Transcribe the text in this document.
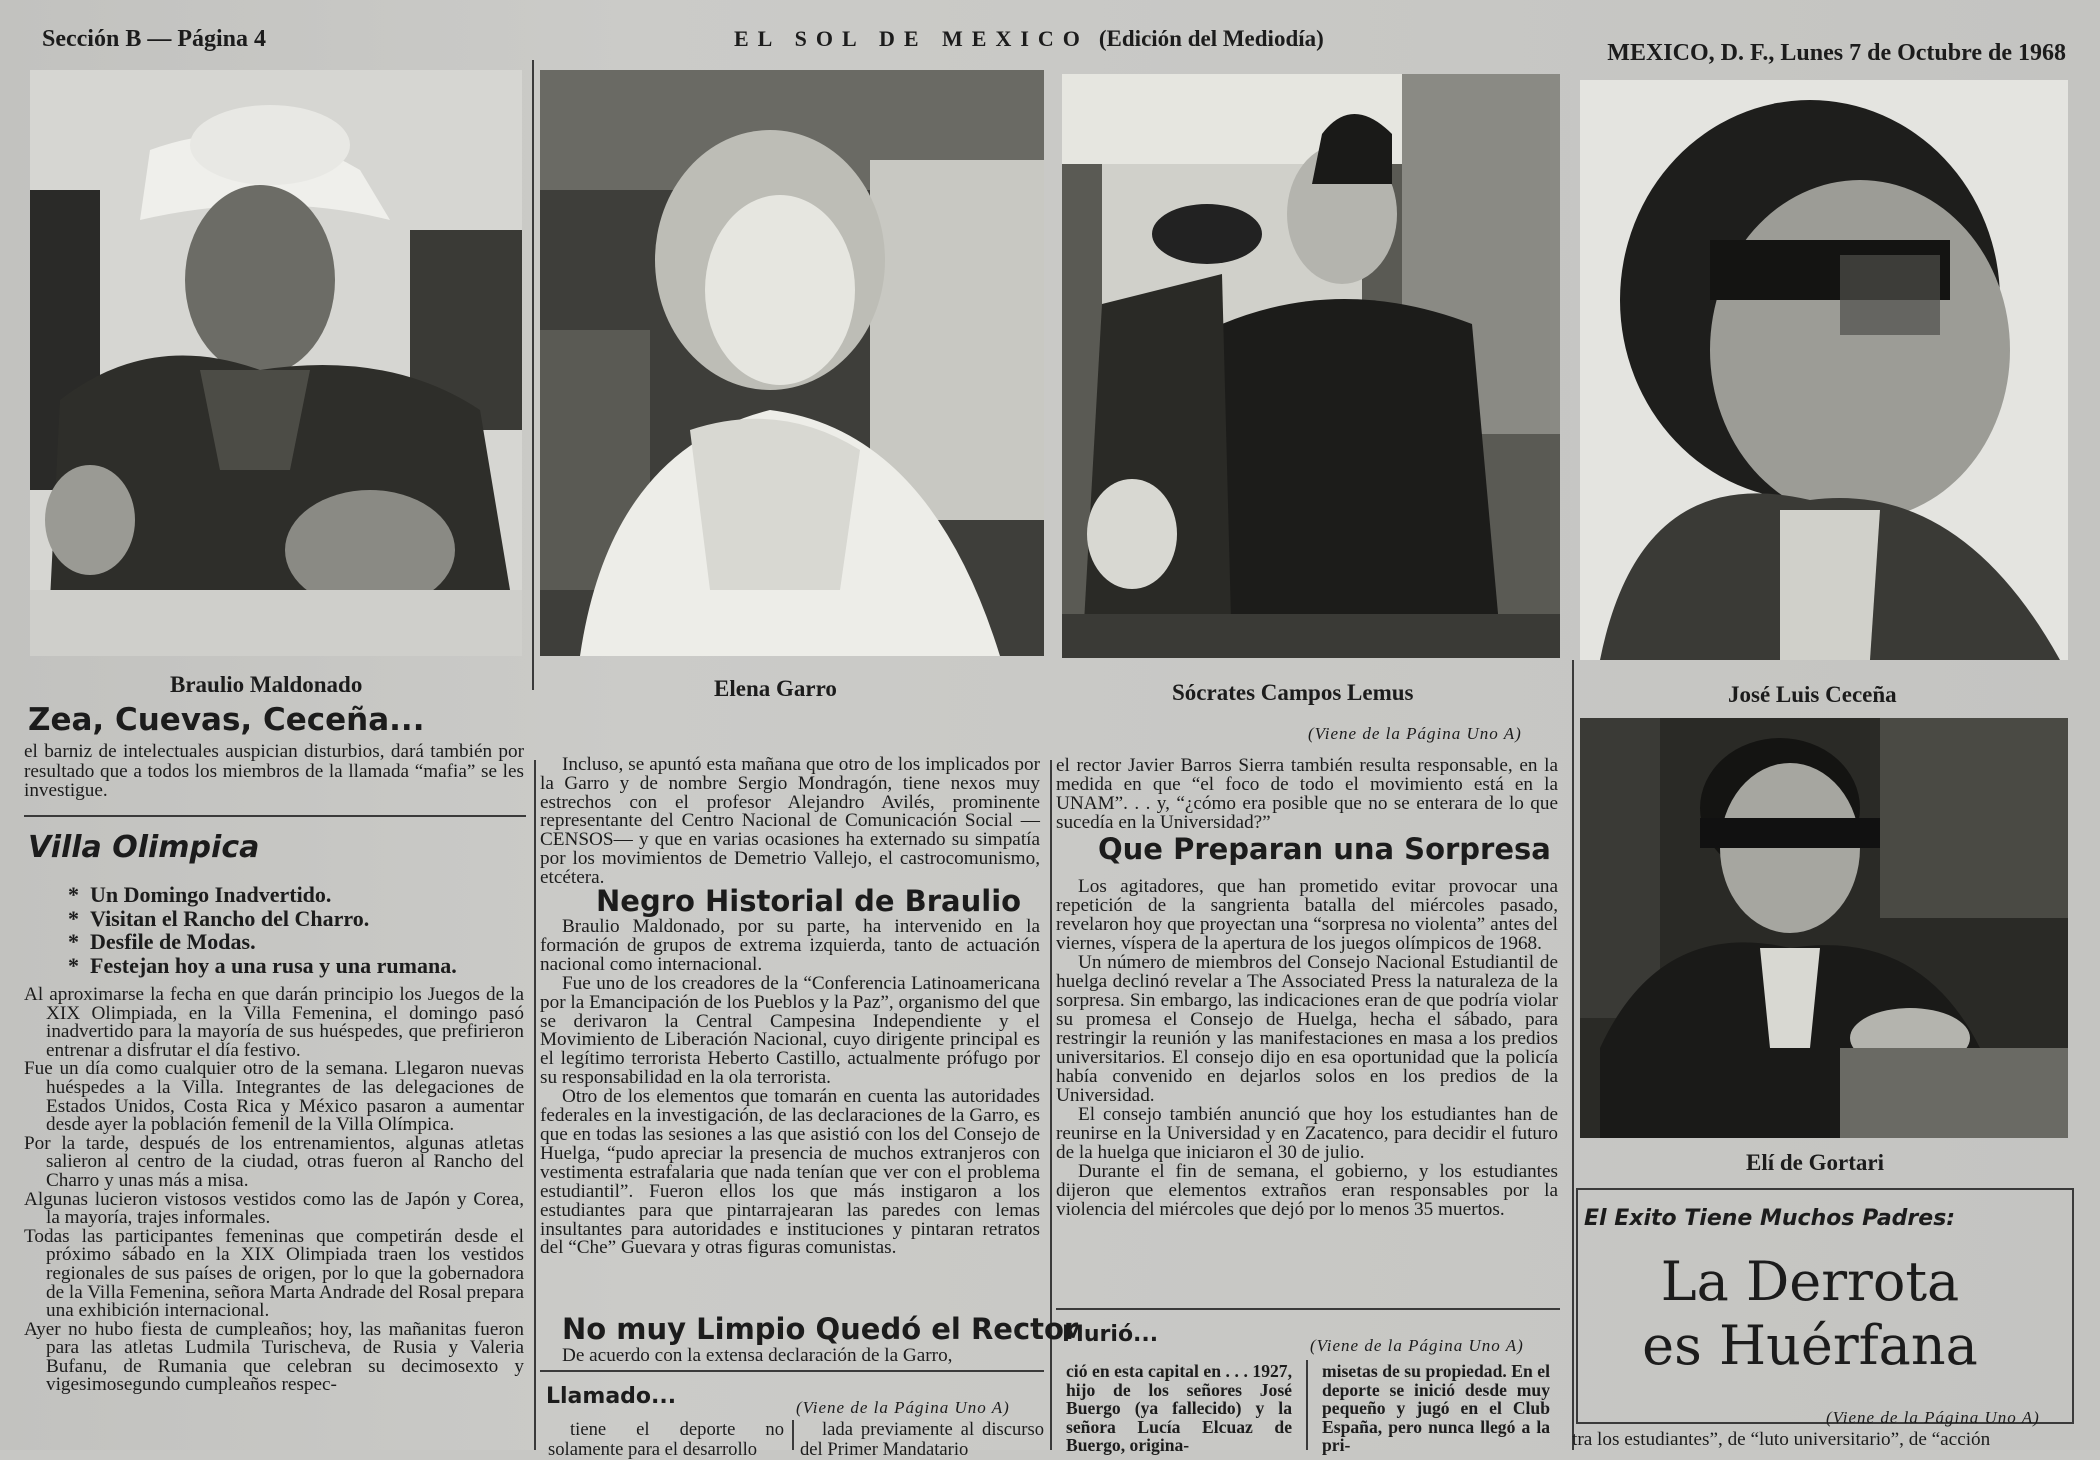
Sección B — Página 4	EL SOL DE MEXICO (Edición del Mediodía)
MEXICO, D. F., Lunes 7 de Octubre de 1968
Braulio Maldonado	Elena Garro	Sócrates Campos Lemus	José Luis Ceceña
Elí de Gortari
Zea, Cuevas, Ceceña...

el barniz de intelectuales auspician disturbios, dará también por resultado que a todos los miembros de la llamada “mafia” se les investigue.

Villa Olimpica
* Un Domingo Inadvertido.
* Visitan el Rancho del Charro.
* Desfile de Modas.
* Festejan hoy a una rusa y una rumana.

Al aproximarse la fecha en que darán principio los Juegos de la XIX Olimpiada, en la Villa Femenina, el domingo pasó inadvertido para la mayoría de sus huéspedes, que prefirieron entrenar a disfrutar el día festivo.

Fue un día como cualquier otro de la semana. Llegaron nuevas huéspedes a la Villa. Integrantes de las delegaciones de Estados Unidos, Costa Rica y México pasaron a aumentar desde ayer la población femenil de la Villa Olímpica.

Por la tarde, después de los entrenamientos, algunas atletas salieron al centro de la ciudad, otras fueron al Rancho del Charro y unas más a misa.

Algunas lucieron vistosos vestidos como las de Japón y Corea, la mayoría, trajes informales.

Todas las participantes femeninas que competirán desde el próximo sábado en la XIX Olimpiada traen los vestidos regionales de sus países de origen, por lo que la gobernadora de la Villa Femenina, señora Marta Andrade del Rosal prepara una exhibición internacional.

Ayer no hubo fiesta de cumpleaños; hoy, las mañanitas fueron para las atletas Ludmila Turischeva, de Rusia y Valeria Bufanu, de Rumania que celebran su decimosexto y vigesimosegundo cumpleaños respec-

Incluso, se apuntó esta mañana que otro de los implicados por la Garro y de nombre Sergio Mondragón, tiene nexos muy estrechos con el profesor Alejandro Avilés, prominente representante del Centro Nacional de Comunicación Social —CENSOS— y que en varias ocasiones ha externado su simpatía por los movimientos de Demetrio Vallejo, el castrocomunismo, etcétera.

Negro Historial de Braulio

Braulio Maldonado, por su parte, ha intervenido en la formación de grupos de extrema izquierda, tanto de actuación nacional como internacional.

Fue uno de los creadores de la “Conferencia Latinoamericana por la Emancipación de los Pueblos y la Paz”, organismo del que se derivaron la Central Campesina Independiente y el Movimiento de Liberación Nacional, cuyo dirigente principal es el legítimo terrorista Heberto Castillo, actualmente prófugo por su responsabilidad en la ola terrorista.

Otro de los elementos que tomarán en cuenta las autoridades federales en la investigación, de las declaraciones de la Garro, es que en todas las sesiones a las que asistió con los del Consejo de Huelga, “pudo apreciar la presencia de muchos extranjeros con vestimenta estrafalaria que nada tenían que ver con el problema estudiantil”. Fueron ellos los que más instigaron a los estudiantes para que pintarrajearan las paredes con lemas insultantes para autoridades e instituciones y pintaran retratos del “Che” Guevara y otras figuras comunistas.

No muy Limpio Quedó el Rector

De acuerdo con la extensa declaración de la Garro,

(Viene de la Página Uno A)

el rector Javier Barros Sierra también resulta responsable, en la medida en que “el foco de todo el movimiento está en la UNAM”. . . y, “¿cómo era posible que no se enterara de lo que sucedía en la Universidad?”

Que Preparan una Sorpresa

Los agitadores, que han prometido evitar provocar una repetición de la sangrienta batalla del miércoles pasado, revelaron hoy que proyectan una “sorpresa no violenta” antes del viernes, víspera de la apertura de los juegos olímpicos de 1968.

Un número de miembros del Consejo Nacional Estudiantil de huelga declinó revelar a The Associated Press la naturaleza de la sorpresa. Sin embargo, las indicaciones eran de que podría violar su promesa el Consejo de Huelga, hecha el sábado, para restringir la reunión y las manifestaciones en masa a los predios universitarios. El consejo dijo en esa oportunidad que la policía había convenido en dejarlos solos en los predios de la Universidad.

El consejo también anunció que hoy los estudiantes han de reunirse en la Universidad y en Zacatenco, para decidir el futuro de la huelga que iniciaron el 30 de julio.

Durante el fin de semana, el gobierno, y los estudiantes dijeron que elementos extraños eran responsables por la violencia del miércoles que dejó por lo menos 35 muertos.

Murió...	(Viene de la Página Uno A)

ció en esta capital en . . . 1927, hijo de los señores José Buergo (ya fallecido) y la señora Lucía Elcuaz de Buergo, origina-

misetas de su propiedad. En el deporte se inició desde muy pequeño y jugó en el Club España, pero nunca llegó a la pri-

Llamado...	(Viene de la Página Uno A)

tiene el deporte no solamente para el desarrollo

lada previamente al discurso del Primer Mandatario

El Exito Tiene Muchos Padres:
La Derrota
es Huérfana
(Viene de la Página Uno A)

tra los estudiantes”, de “luto universitario”, de “acción
